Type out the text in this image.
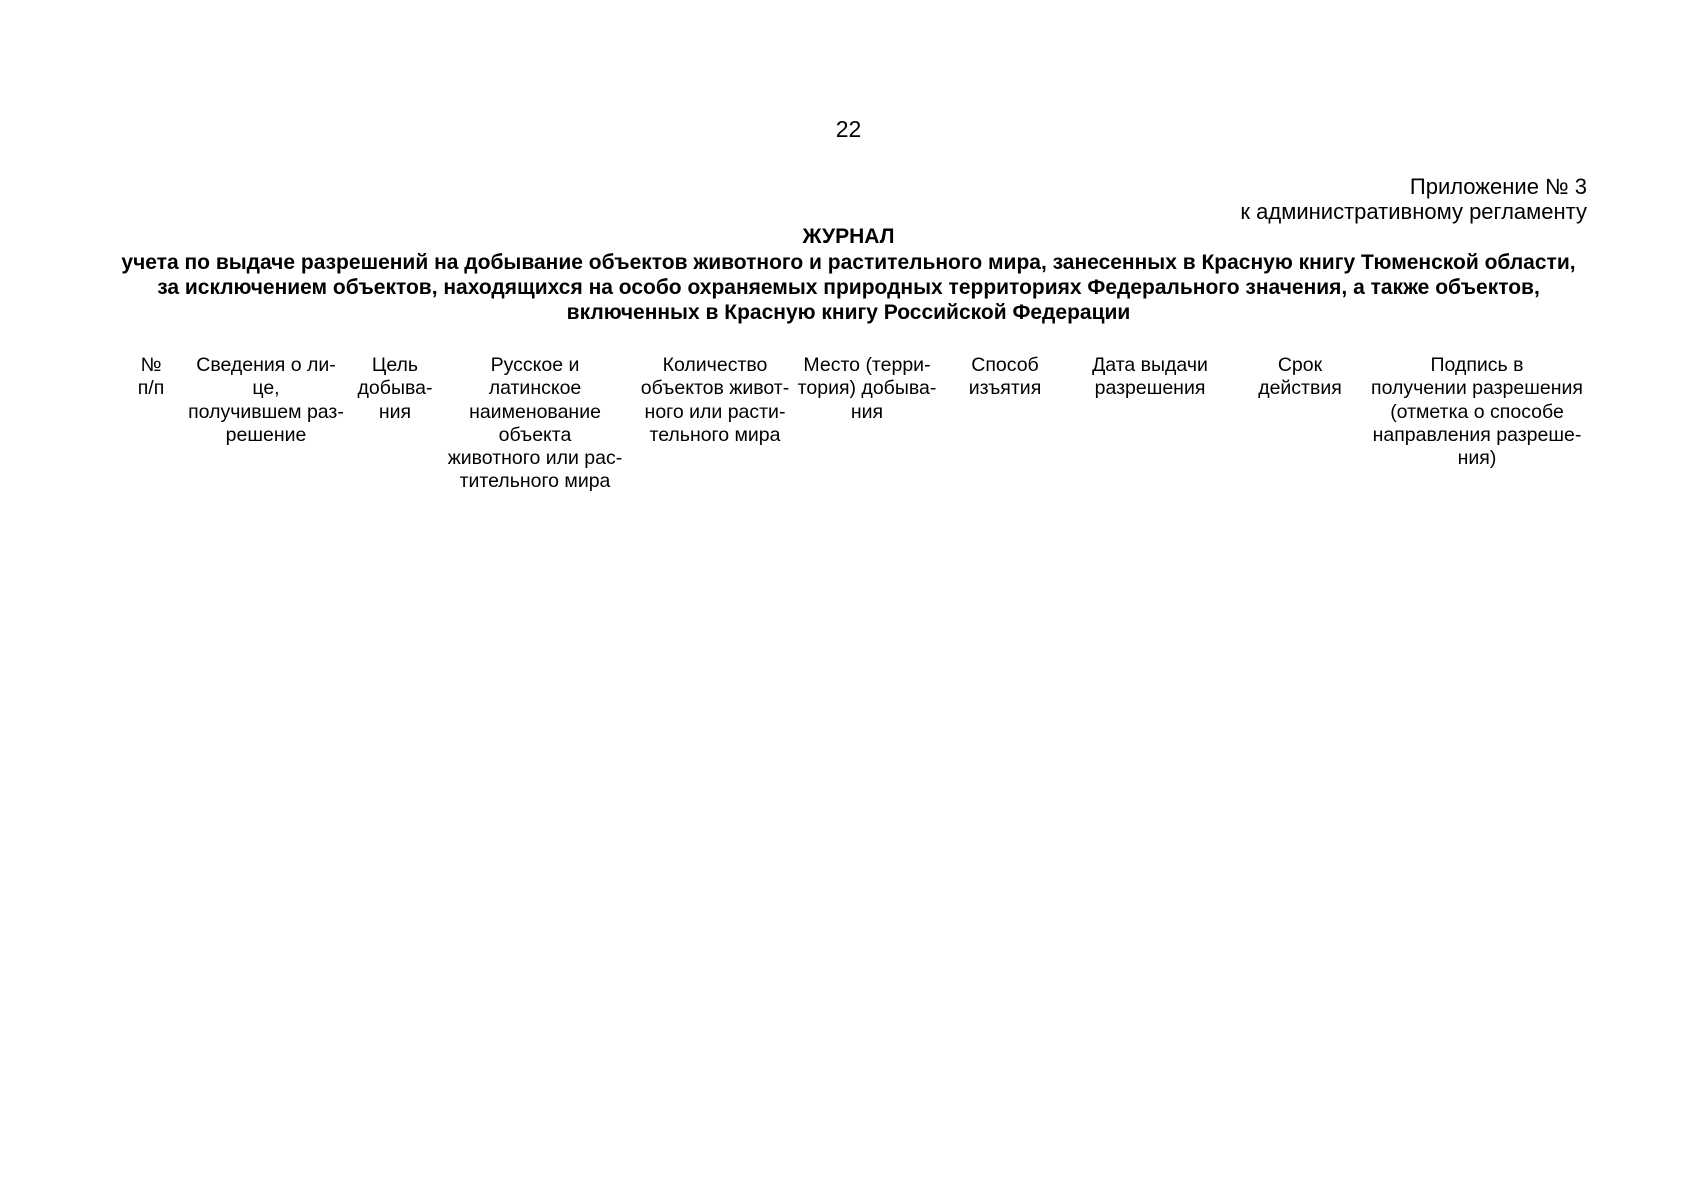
22
Приложение № 3
к административному регламенту
ЖУРНАЛ
учета по выдаче разрешений на добывание объектов животного и растительного мира, занесенных в Красную книгу Тюменской области, за исключением объектов, находящихся на особо охраняемых природных территориях Федерального значения, а также объектов, включенных в Красную книгу Российской Федерации
№
п/п
Сведения о ли-
це,
получившем раз-
решение
Цель
добыва-
ния
Русское и
латинское
наименование
объекта
животного или рас-
тительного мира
Количество
объектов живот-
ного или расти-
тельного мира
Место (терри-
тория) добыва-
ния
Способ
изъятия
Дата выдачи
разрешения
Срок
действия
Подпись в
получении разрешения
(отметка о способе
направления разреше-
ния)
